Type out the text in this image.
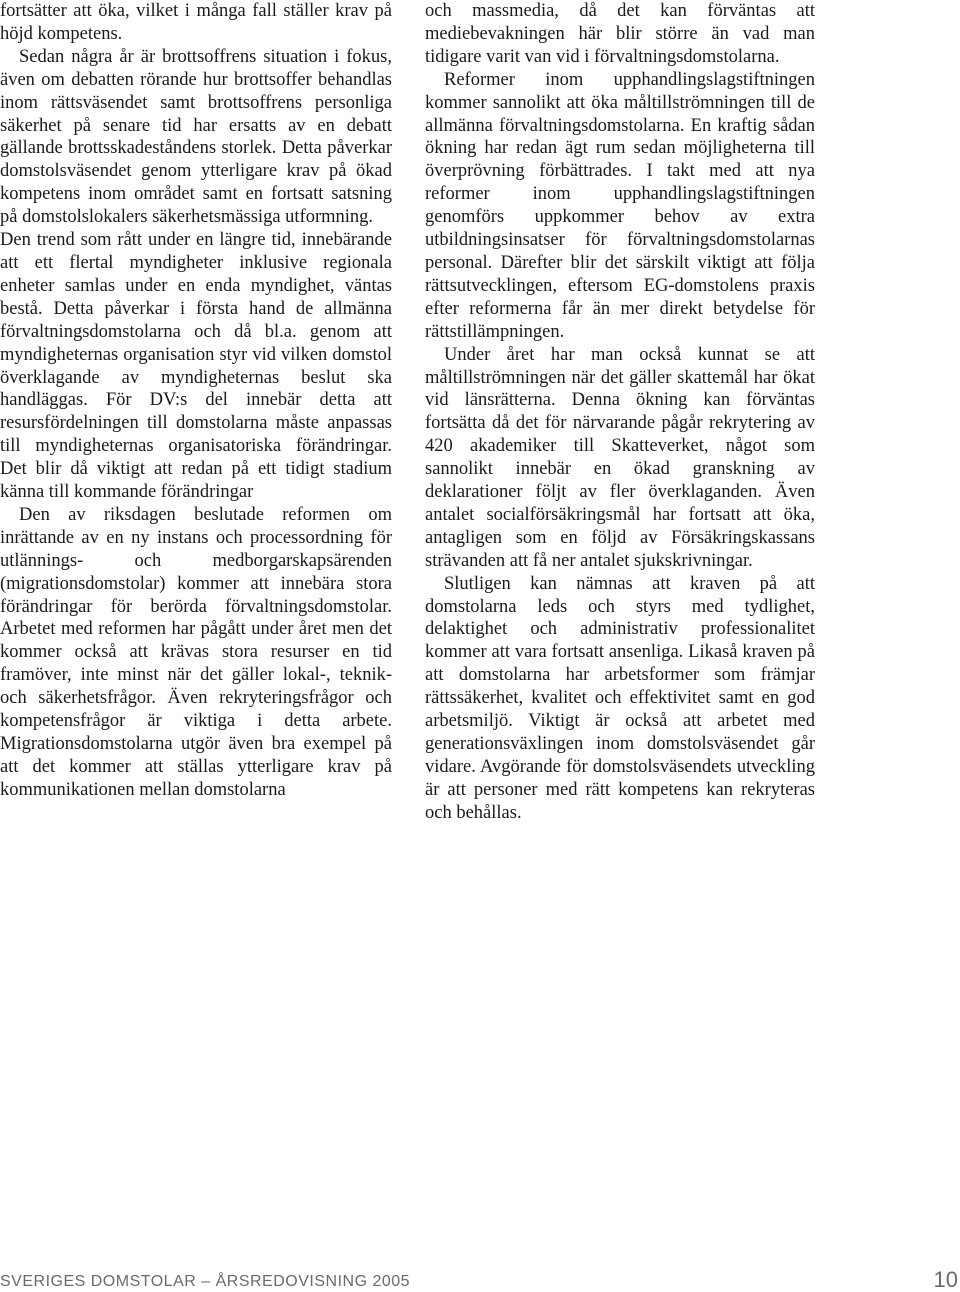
fortsätter att öka, vilket i många fall ställer krav på höjd kompetens.

Sedan några år är brottsoffrens situation i fokus, även om debatten rörande hur brottsoffer behandlas inom rättsväsendet samt brottsoffrens personliga säkerhet på senare tid har ersatts av en debatt gällande brottsskadeståndens storlek. Detta påverkar domstolsväsendet genom ytterligare krav på ökad kompetens inom området samt en fortsatt satsning på domstolslokalers säkerhetsmässiga utformning.

Den trend som rått under en längre tid, innebärande att ett flertal myndigheter inklusive regionala enheter samlas under en enda myndighet, väntas bestå. Detta påverkar i första hand de allmänna förvaltningsdomstolarna och då bl.a. genom att myndigheternas organisation styr vid vilken domstol överklagande av myndigheternas beslut ska handläggas. För DV:s del innebär detta att resursfördelningen till domstolarna måste anpassas till myndigheternas organisatoriska förändringar. Det blir då viktigt att redan på ett tidigt stadium känna till kommande förändringar

Den av riksdagen beslutade reformen om inrättande av en ny instans och processordning för utlännings- och medborgarskapsärenden (migrationsdomstolar) kommer att innebära stora förändringar för berörda förvaltningsdomstolar. Arbetet med reformen har pågått under året men det kommer också att krävas stora resurser en tid framöver, inte minst när det gäller lokal-, teknik- och säkerhetsfrågor. Även rekryteringsfrågor och kompetensfrågor är viktiga i detta arbete. Migrationsdomstolarna utgör även bra exempel på att det kommer att ställas ytterligare krav på kommunikationen mellan domstolarna

och massmedia, då det kan förväntas att mediebevakningen här blir större än vad man tidigare varit van vid i förvaltningsdomstolarna.

Reformer inom upphandlingslagstiftningen kommer sannolikt att öka måltillströmningen till de allmänna förvaltningsdomstolarna. En kraftig sådan ökning har redan ägt rum sedan möjligheterna till överprövning förbättrades. I takt med att nya reformer inom upphandlingslagstiftningen genomförs uppkommer behov av extra utbildningsinsatser för förvaltningsdomstolarnas personal. Därefter blir det särskilt viktigt att följa rättsutvecklingen, eftersom EG-domstolens praxis efter reformerna får än mer direkt betydelse för rättstillämpningen.

Under året har man också kunnat se att måltillströmningen när det gäller skattemål har ökat vid länsrätterna. Denna ökning kan förväntas fortsätta då det för närvarande pågår rekrytering av 420 akademiker till Skatteverket, något som sannolikt innebär en ökad granskning av deklarationer följt av fler överklaganden. Även antalet socialförsäkringsmål har fortsatt att öka, antagligen som en följd av Försäkringskassans strävanden att få ner antalet sjukskrivningar.

Slutligen kan nämnas att kraven på att domstolarna leds och styrs med tydlighet, delaktighet och administrativ professionalitet kommer att vara fortsatt ansenliga. Likaså kraven på att domstolarna har arbetsformer som främjar rättssäkerhet, kvalitet och effektivitet samt en god arbetsmiljö. Viktigt är också att arbetet med generationsväxlingen inom domstolsväsendet går vidare. Avgörande för domstolsväsendets utveckling är att personer med rätt kompetens kan rekryteras och behållas.

SVERIGES DOMSTOLAR – ÅRSREDOVISNING 2005	10
